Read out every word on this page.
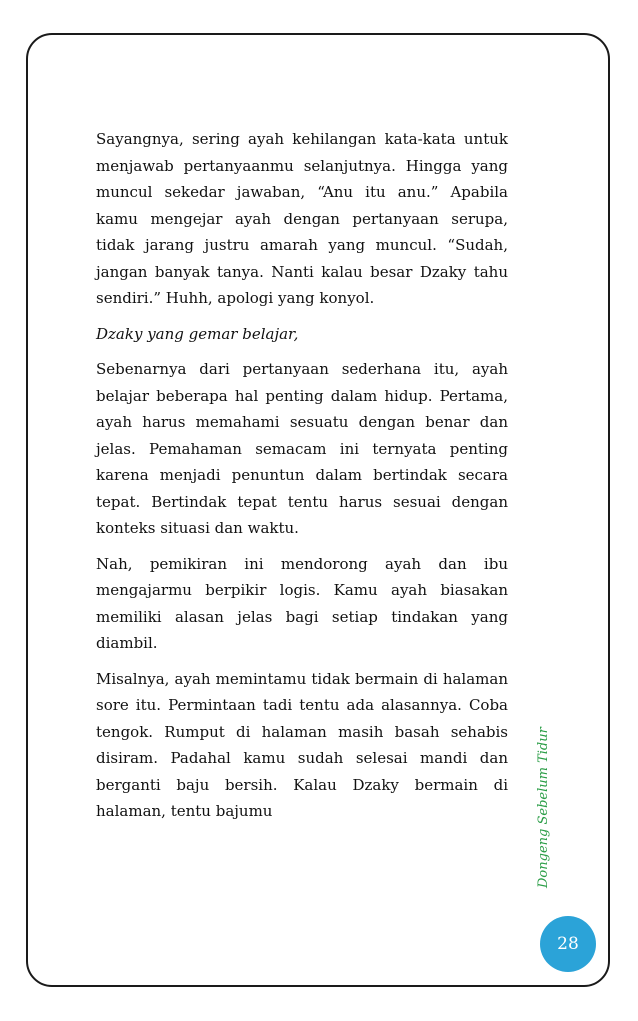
Sayangnya, sering ayah kehilangan kata-kata untuk menjawab pertanyaanmu selanjutnya. Hingga yang muncul sekedar jawaban, “Anu itu anu.” Apabila kamu mengejar ayah dengan pertanyaan serupa, tidak jarang justru amarah yang muncul. “Sudah, jangan banyak tanya. Nanti kalau besar Dzaky tahu sendiri.” Huhh, apologi yang konyol.

Dzaky yang gemar belajar,

Sebenarnya dari pertanyaan sederhana itu, ayah belajar beberapa hal penting dalam hidup. Pertama, ayah harus memahami sesuatu dengan benar dan jelas. Pemahaman semacam ini ternyata penting karena menjadi penuntun dalam bertindak secara tepat. Bertindak tepat tentu harus sesuai dengan konteks situasi dan waktu.

Nah, pemikiran ini mendorong ayah dan ibu mengajarmu berpikir logis. Kamu ayah biasakan memiliki alasan jelas bagi setiap tindakan yang diambil.

Misalnya, ayah memintamu tidak bermain di halaman sore itu. Permintaan tadi tentu ada alasannya. Coba tengok. Rumput di halaman masih basah sehabis disiram. Padahal kamu sudah selesai mandi dan berganti baju bersih. Kalau Dzaky bermain di halaman, tentu bajumu	Dongeng Sebelum Tidur
28
